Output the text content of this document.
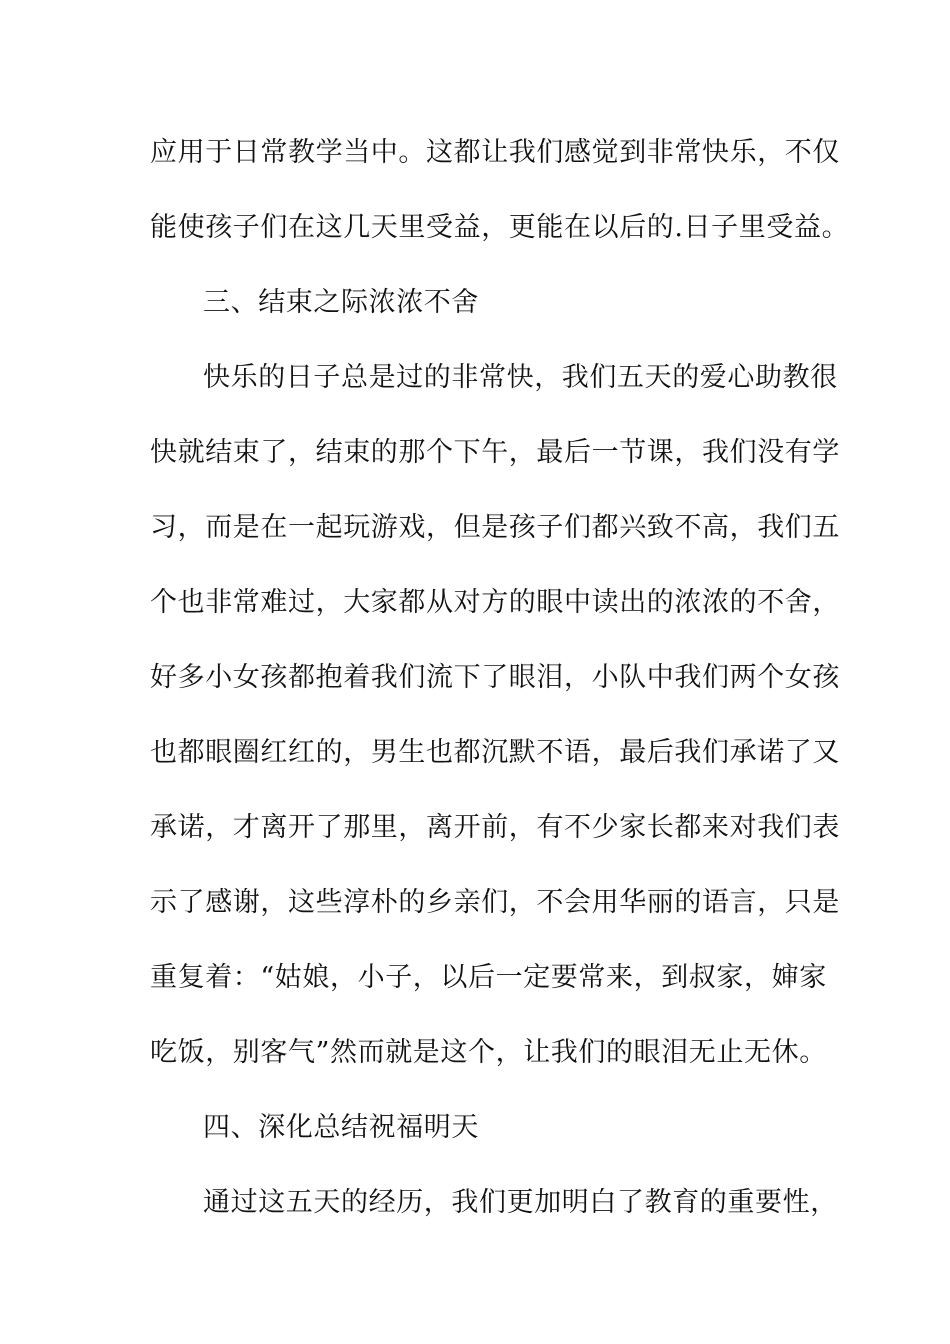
应用于日常教学当中。这都让我们感觉到非常快乐，不仅
能使孩子们在这几天里受益，更能在以后的.日子里受益。
三、结束之际浓浓不舍
快乐的日子总是过的非常快，我们五天的爱心助教很
快就结束了，结束的那个下午，最后一节课，我们没有学
习，而是在一起玩游戏，但是孩子们都兴致不高，我们五
个也非常难过，大家都从对方的眼中读出的浓浓的不舍，
好多小女孩都抱着我们流下了眼泪，小队中我们两个女孩
也都眼圈红红的，男生也都沉默不语，最后我们承诺了又
承诺，才离开了那里，离开前，有不少家长都来对我们表
示了感谢，这些淳朴的乡亲们，不会用华丽的语言，只是
重复着：“姑娘，小子，以后一定要常来，到叔家，婶家
吃饭，别客气”然而就是这个，让我们的眼泪无止无休。
四、深化总结祝福明天
通过这五天的经历，我们更加明白了教育的重要性，
